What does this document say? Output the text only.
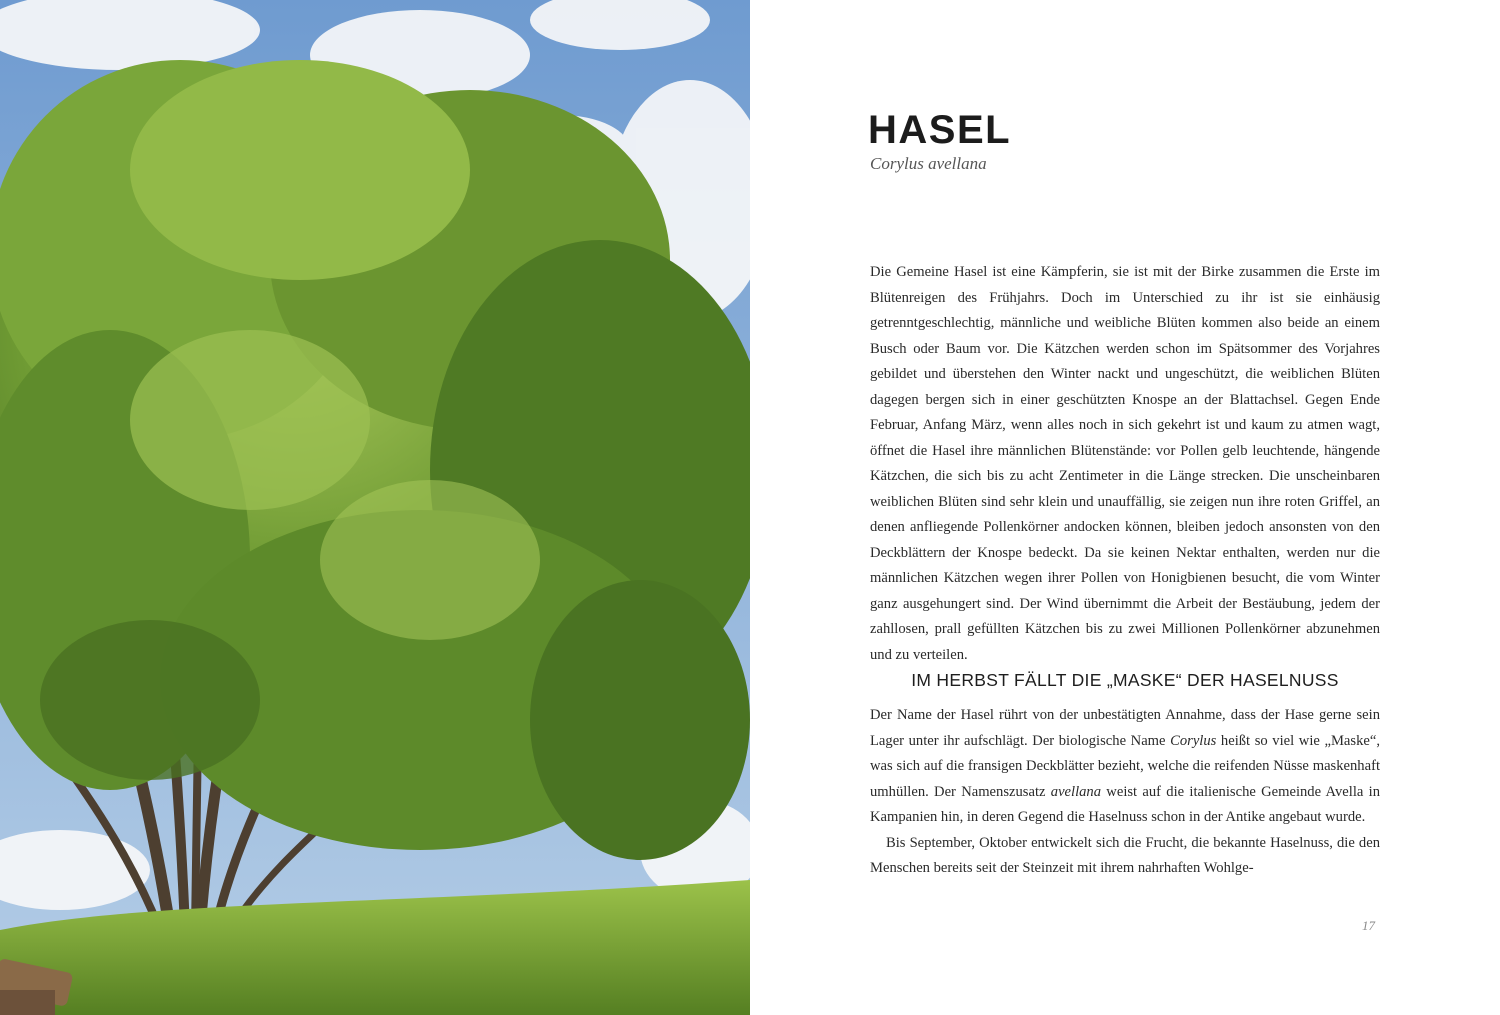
HASEL
Corylus avellana

Die Gemeine Hasel ist eine Kämpferin, sie ist mit der Birke zusammen die Erste im Blütenreigen des Frühjahrs. Doch im Unterschied zu ihr ist sie einhäusig getrenntgeschlechtig, männliche und weibliche Blüten kommen also beide an einem Busch oder Baum vor. Die Kätzchen werden schon im Spätsommer des Vorjahres gebildet und überstehen den Winter nackt und ungeschützt, die weiblichen Blüten dagegen bergen sich in einer geschützten Knospe an der Blattachsel. Gegen Ende Februar, Anfang März, wenn alles noch in sich gekehrt ist und kaum zu atmen wagt, öffnet die Hasel ihre männlichen Blütenstände: vor Pollen gelb leuchtende, hängende Kätzchen, die sich bis zu acht Zentimeter in die Länge strecken. Die unscheinbaren weiblichen Blüten sind sehr klein und unauffällig, sie zeigen nun ihre roten Griffel, an denen anfliegende Pollenkörner andocken können, bleiben jedoch ansonsten von den Deckblättern der Knospe bedeckt. Da sie keinen Nektar enthalten, werden nur die männlichen Kätzchen wegen ihrer Pollen von Honigbienen besucht, die vom Winter ganz ausgehungert sind. Der Wind übernimmt die Arbeit der Bestäubung, jedem der zahllosen, prall gefüllten Kätzchen bis zu zwei Millionen Pollenkörner abzunehmen und zu verteilen.

IM HERBST FÄLLT DIE „MASKE“ DER HASELNUSS

Der Name der Hasel rührt von der unbestätigten Annahme, dass der Hase gerne sein Lager unter ihr aufschlägt. Der biologische Name Corylus heißt so viel wie „Maske“, was sich auf die fransigen Deckblätter bezieht, welche die reifenden Nüsse maskenhaft umhüllen. Der Namenszusatz avellana weist auf die italienische Gemeinde Avella in Kampanien hin, in deren Gegend die Haselnuss schon in der Antike angebaut wurde.

Bis September, Oktober entwickelt sich die Frucht, die bekannte Haselnuss, die den Menschen bereits seit der Steinzeit mit ihrem nahrhaften Wohlge-

17
